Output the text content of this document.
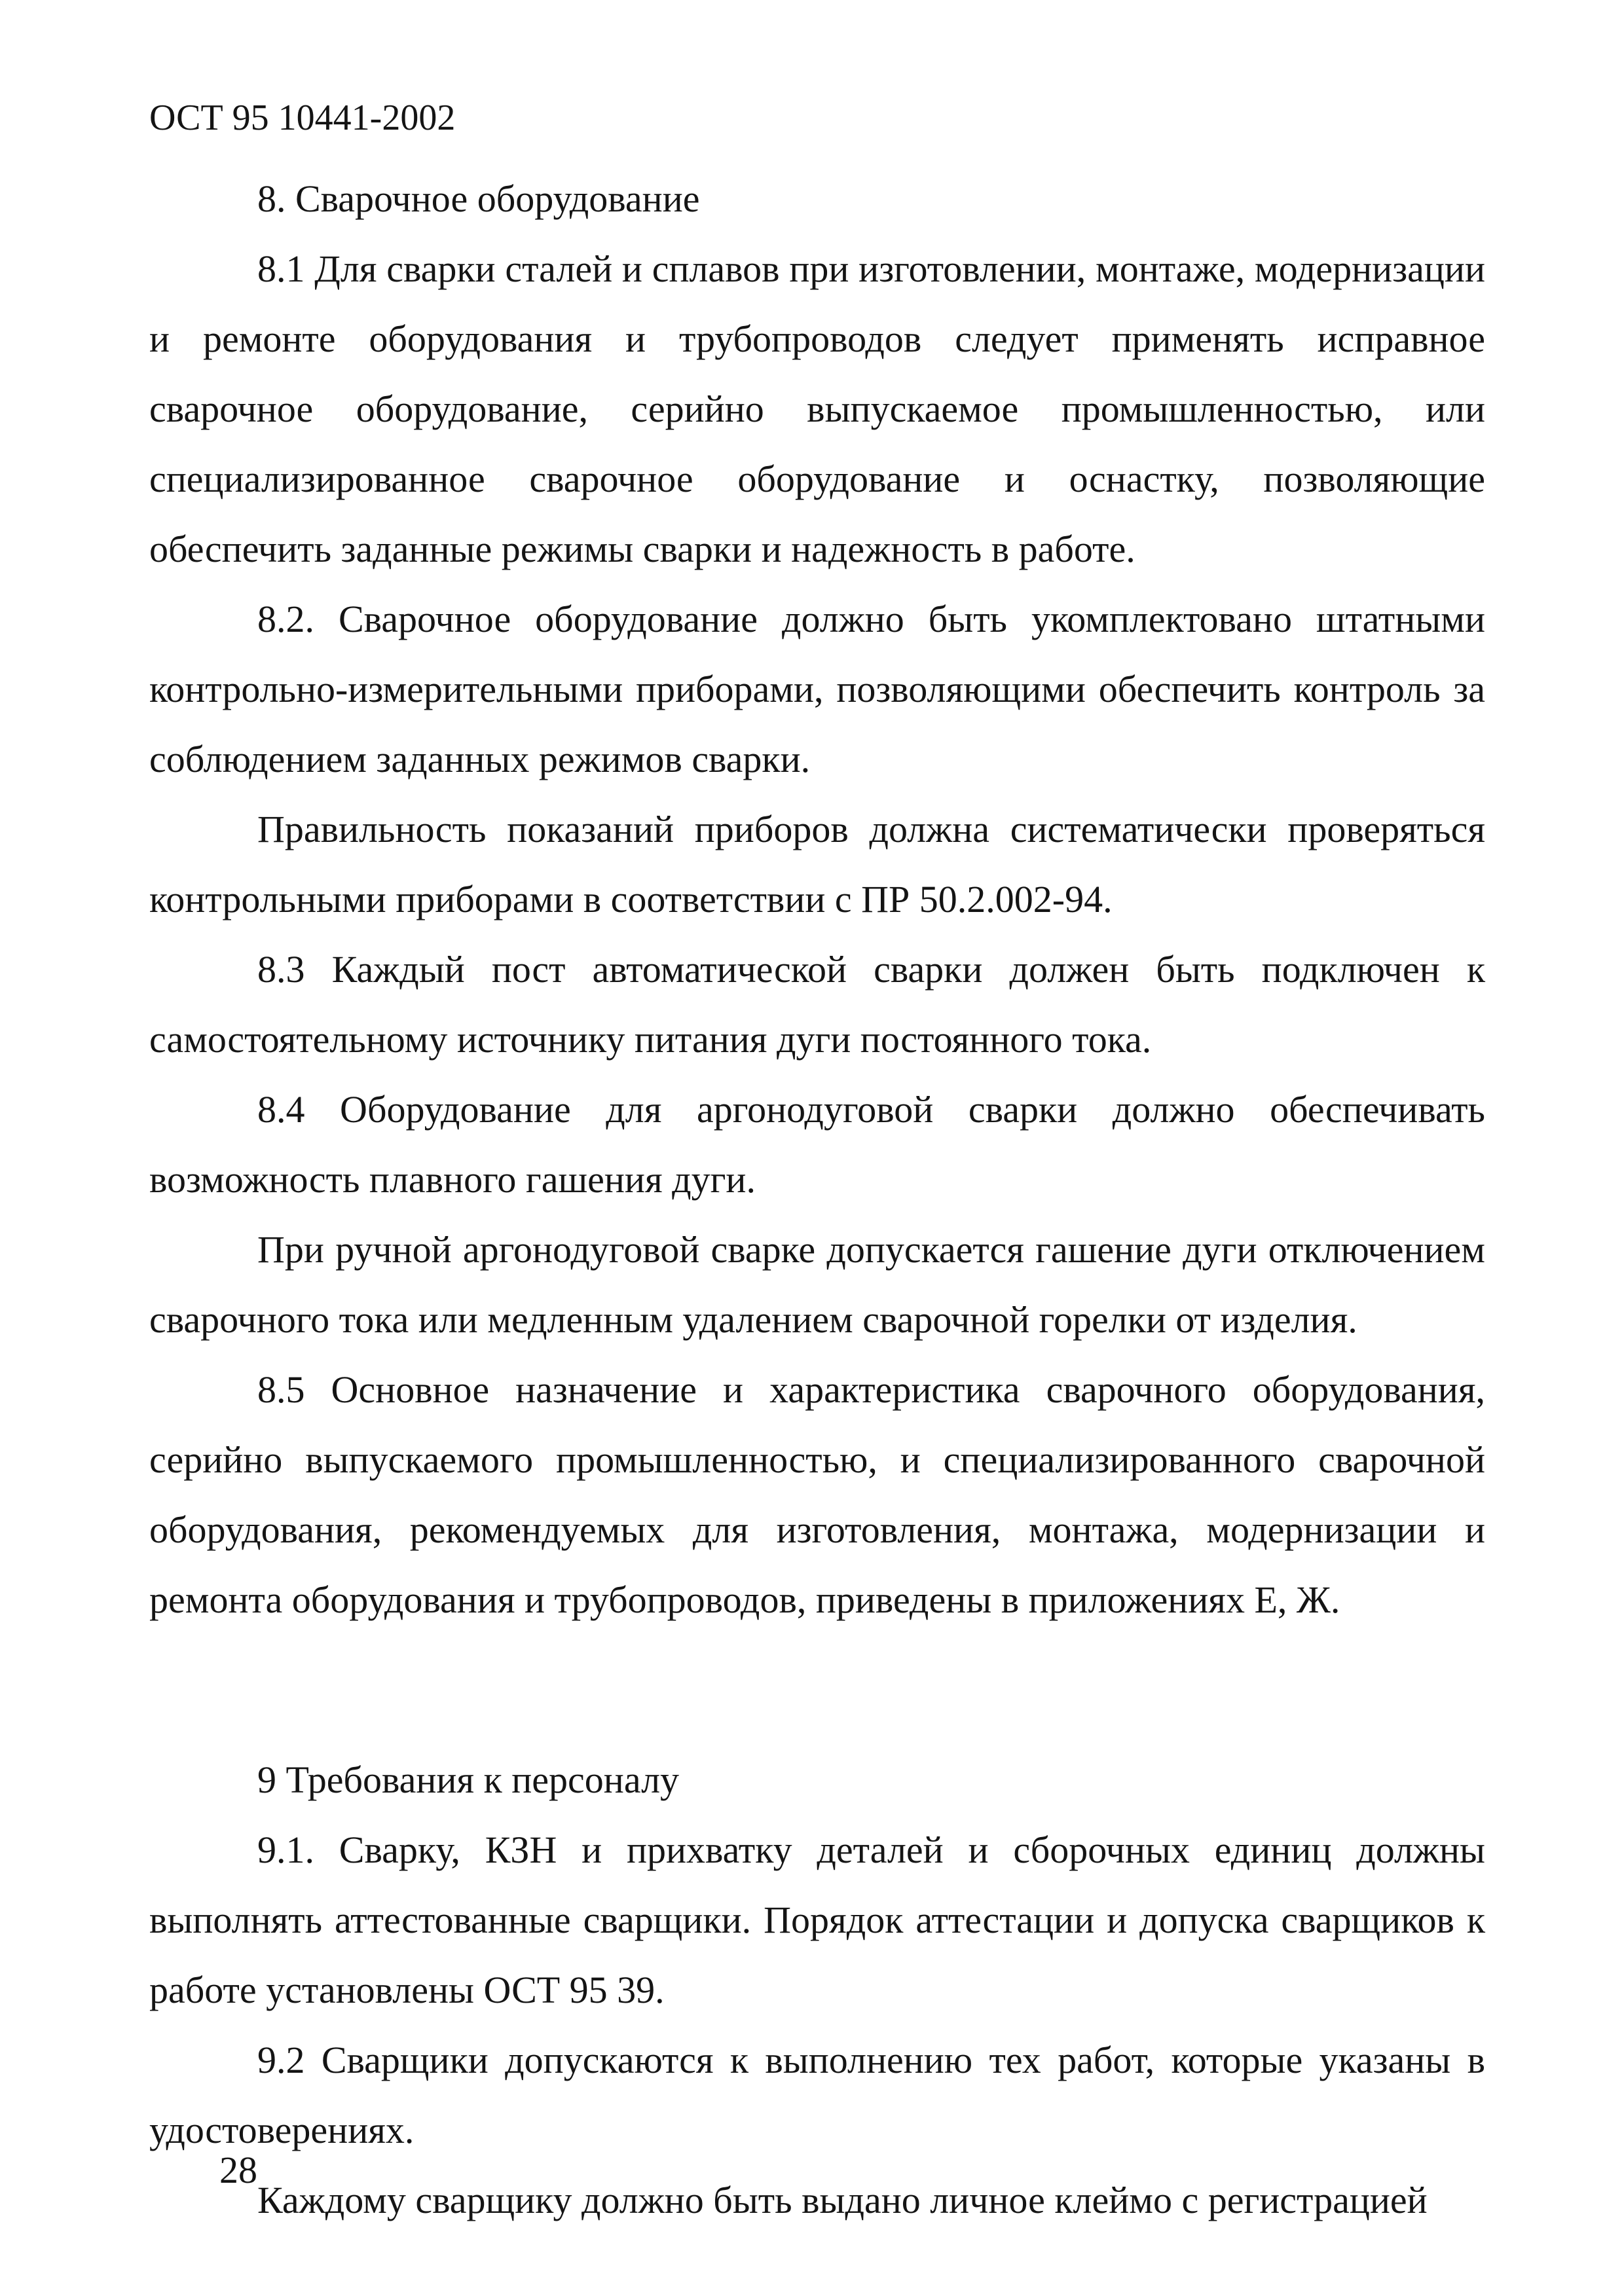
ОСТ 95 10441-2002
8. Сварочное оборудование

8.1 Для сварки сталей и сплавов при изготовлении, монтаже, модернизации и ремонте оборудования и трубопроводов следует применять исправное сварочное оборудование, серийно выпускаемое промышленностью, или специализированное сварочное оборудование и оснастку, позволяющие обеспечить заданные режимы сварки и надежность в работе.

8.2. Сварочное оборудование должно быть укомплектовано штатными контрольно-измерительными приборами, позволяющими обеспечить контроль за соблюдением заданных режимов сварки.

Правильность показаний приборов должна систематически проверяться контрольными приборами в соответствии с ПР 50.2.002-94.

8.3 Каждый пост автоматической сварки должен быть подключен к самостоятельному источнику питания дуги постоянного тока.

8.4 Оборудование для аргонодуговой сварки должно обеспечивать возможность плавного гашения дуги.

При ручной аргонодуговой сварке допускается гашение дуги отключением сварочного тока или медленным удалением сварочной горелки от изделия.

8.5 Основное назначение и характеристика сварочного оборудования, серийно выпускаемого промышленностью, и специализированного сварочной оборудования, рекомендуемых для изготовления, монтажа, модернизации и ремонта оборудования и трубопроводов, приведены в приложениях Е, Ж.

9 Требования к персоналу

9.1. Сварку, КЗН и прихватку деталей и сборочных единиц должны выполнять аттестованные сварщики. Порядок аттестации и допуска сварщиков к работе установлены ОСТ 95 39.

9.2 Сварщики допускаются к выполнению тех работ, которые указаны в удостоверениях.

Каждому сварщику должно быть выдано личное клеймо с регистрацией

28
